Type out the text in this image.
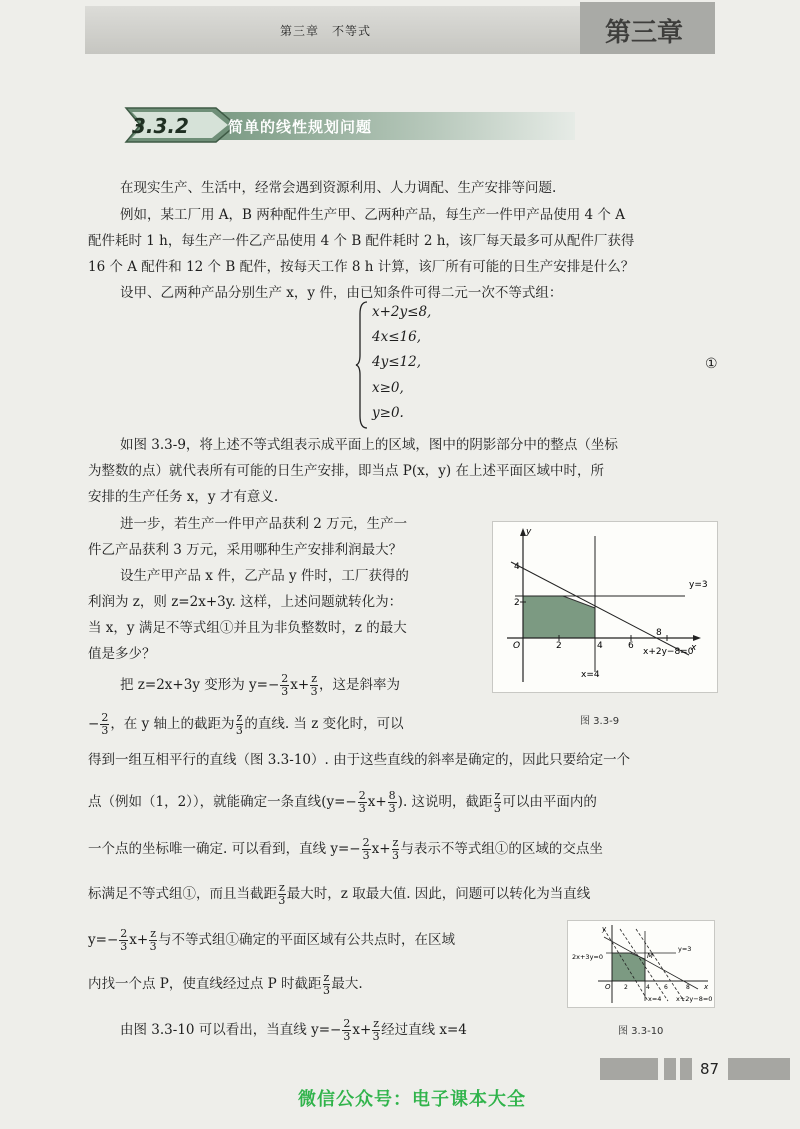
第三章　不等式	第三章
3.3.2	简单的线性规划问题
在现实生产、生活中，经常会遇到资源利用、人力调配、生产安排等问题.
例如，某工厂用 A，B 两种配件生产甲、乙两种产品，每生产一件甲产品使用 4 个 A
配件耗时 1 h，每生产一件乙产品使用 4 个 B 配件耗时 2 h，该厂每天最多可从配件厂获得
16 个 A 配件和 12 个 B 配件，按每天工作 8 h 计算，该厂所有可能的日生产安排是什么？
设甲、乙两种产品分别生产 x，y 件，由已知条件可得二元一次不等式组：
x+2y≤8,
4x≤16,
4y≤12,
x≥0,
y≥0.
①
如图 3.3-9，将上述不等式组表示成平面上的区域，图中的阴影部分中的整点（坐标
为整数的点）就代表所有可能的日生产安排，即当点 P(x，y) 在上述平面区域中时，所
安排的生产任务 x，y 才有意义.
进一步，若生产一件甲产品获利 2 万元，生产一
件乙产品获利 3 万元，采用哪种生产安排利润最大？
设生产甲产品 x 件，乙产品 y 件时，工厂获得的
利润为 z，则 z=2x+3y. 这样，上述问题就转化为：
当 x，y 满足不等式组①并且为非负整数时，z 的最大
值是多少？
把 z=2x+3y 变形为 $y=- \frac{2}{3} x+ \frac{z}{3}$ ，这是斜率为
− $\frac{2}{3}$ ，在 y 轴上的截距为 $\frac{z}{3}$ 的直线. 当 z 变化时，可以
得到一组互相平行的直线（图 3.3-10）. 由于这些直线的斜率是确定的，因此只要给定一个
点（例如（1，2）），就能确定一条直线($y=- \frac{2}{3} x+ \frac{8}{3}$ ). 这说明，截距 $\frac{z}{3}$ 可以由平面内的
一个点的坐标唯一确定. 可以看到，直线 $y=- \frac{2}{3} x+ \frac{z}{3}$ 与表示不等式组①的区域的交点坐
标满足不等式组①，而且当截距 $\frac{z}{3}$ 最大时，z 取最大值. 因此，问题可以转化为当直线
$y=- \frac{2}{3} x+ \frac{z}{3}$ 与不等式组①确定的平面区域有公共点时，在区域
内找一个点 P，使直线经过点 P 时截距 $\frac{z}{3}$ 最大.
由图 3.3-10 可以看出，当直线 $y=- \frac{2}{3} x+ \frac{z}{3}$ 经过直线 x=4
y
x
O
4
2
2	4	6
8
y=3
x=4
x+2y−8=0
图 3.3-9
y
x
O
M
2x+3y=0
y=3
x=4 x+2y−8=0
2	4 6	8
图 3.3-10
87
微信公众号：电子课本大全
